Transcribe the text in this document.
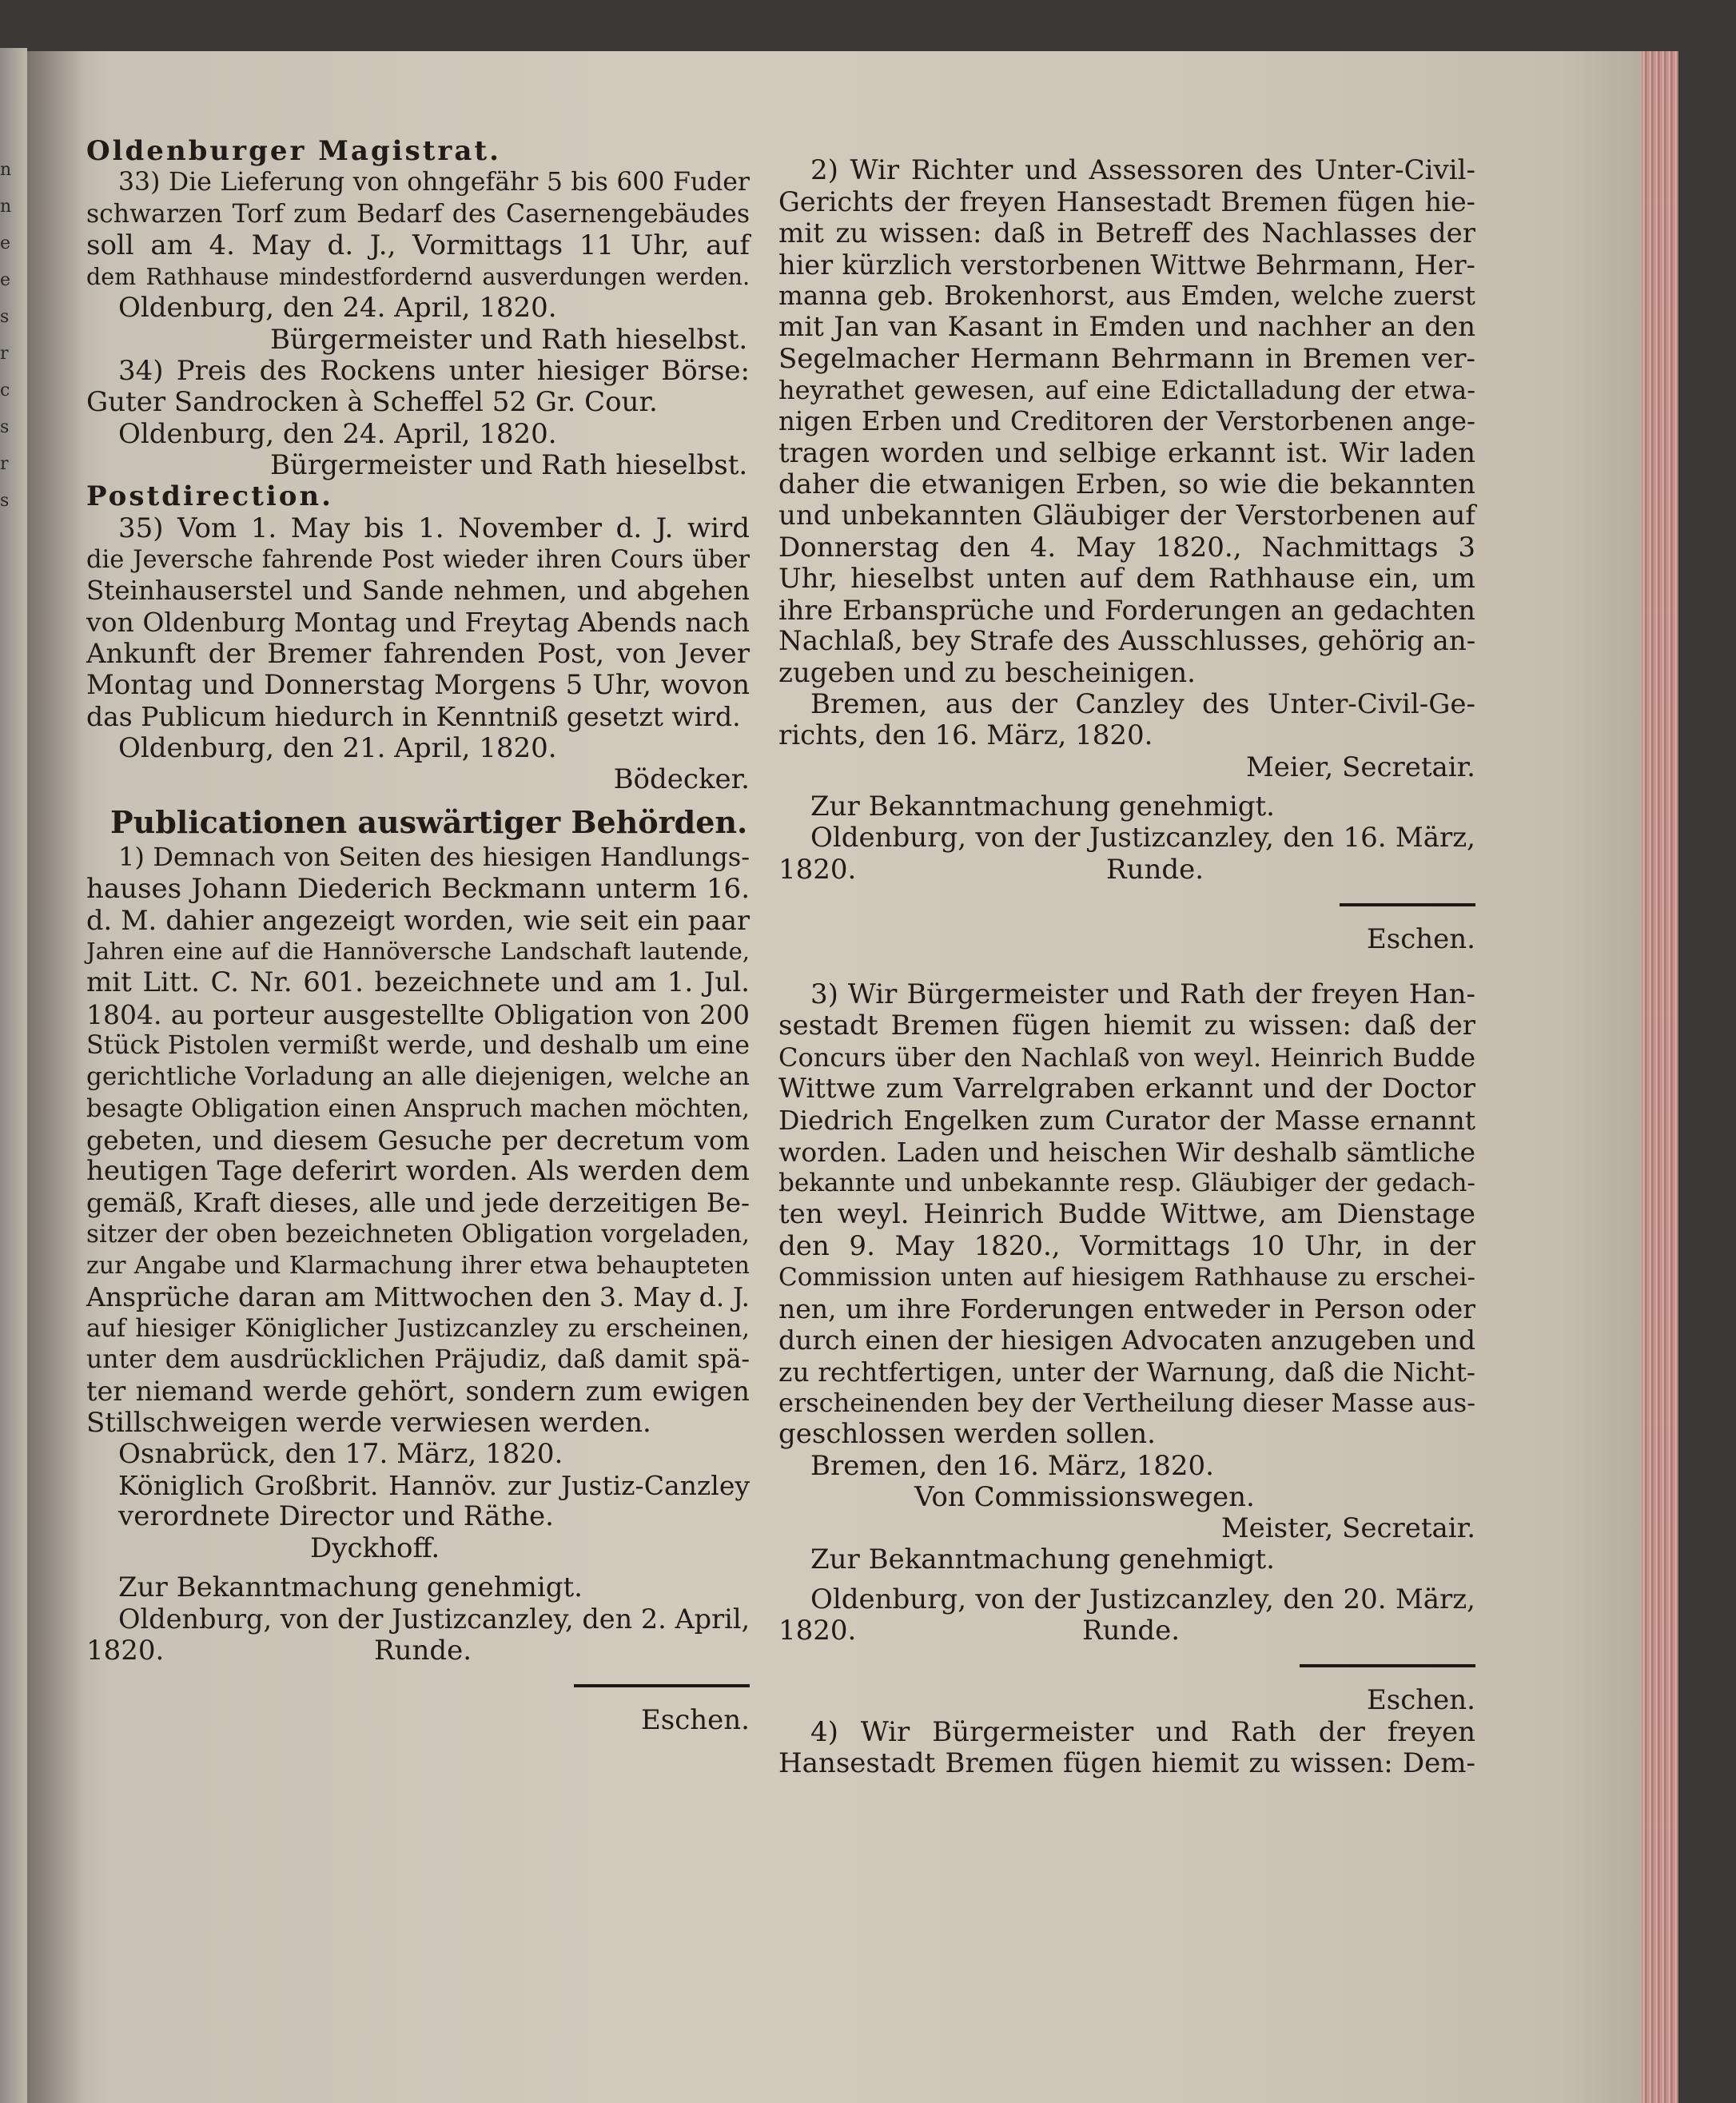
n
n
e
e
s
r
c
s
r
s
Oldenburger Magistrat.
33) Die Lieferung von ohngefähr 5 bis 600 Fuder
schwarzen Torf zum Bedarf des Casernengebäudes
soll am 4. May d. J., Vormittags 11 Uhr, auf
dem Rathhause mindestfordernd ausverdungen werden.
Oldenburg, den 24. April, 1820.
Bürgermeister und Rath hieselbst.
34) Preis des Rockens unter hiesiger Börse:
Guter Sandrocken à Scheffel 52 Gr. Cour.
Oldenburg, den 24. April, 1820.
Bürgermeister und Rath hieselbst.
Postdirection.
35) Vom 1. May bis 1. November d. J. wird
die Jeversche fahrende Post wieder ihren Cours über
Steinhauserstel und Sande nehmen, und abgehen
von Oldenburg Montag und Freytag Abends nach
Ankunft der Bremer fahrenden Post, von Jever
Montag und Donnerstag Morgens 5 Uhr, wovon
das Publicum hiedurch in Kenntniß gesetzt wird.
Oldenburg, den 21. April, 1820.
Bödecker.
Publicationen auswärtiger Behörden.
1) Demnach von Seiten des hiesigen Handlungs-
hauses Johann Diederich Beckmann unterm 16.
d. M. dahier angezeigt worden, wie seit ein paar
Jahren eine auf die Hannöversche Landschaft lautende,
mit Litt. C. Nr. 601. bezeichnete und am 1. Jul.
1804. au porteur ausgestellte Obligation von 200
Stück Pistolen vermißt werde, und deshalb um eine
gerichtliche Vorladung an alle diejenigen, welche an
besagte Obligation einen Anspruch machen möchten,
gebeten, und diesem Gesuche per decretum vom
heutigen Tage deferirt worden. Als werden dem
gemäß, Kraft dieses, alle und jede derzeitigen Be-
sitzer der oben bezeichneten Obligation vorgeladen,
zur Angabe und Klarmachung ihrer etwa behaupteten
Ansprüche daran am Mittwochen den 3. May d. J.
auf hiesiger Königlicher Justizcanzley zu erscheinen,
unter dem ausdrücklichen Präjudiz, daß damit spä-
ter niemand werde gehört, sondern zum ewigen
Stillschweigen werde verwiesen werden.
Osnabrück, den 17. März, 1820.
Königlich Großbrit. Hannöv. zur Justiz-Canzley
verordnete Director und Räthe.
Dyckhoff.
Zur Bekanntmachung genehmigt.
Oldenburg, von der Justizcanzley, den 2. April,
1820.	Runde.
Eschen.
2) Wir Richter und Assessoren des Unter-Civil-
Gerichts der freyen Hansestadt Bremen fügen hie-
mit zu wissen: daß in Betreff des Nachlasses der
hier kürzlich verstorbenen Wittwe Behrmann, Her-
manna geb. Brokenhorst, aus Emden, welche zuerst
mit Jan van Kasant in Emden und nachher an den
Segelmacher Hermann Behrmann in Bremen ver-
heyrathet gewesen, auf eine Edictalladung der etwa-
nigen Erben und Creditoren der Verstorbenen ange-
tragen worden und selbige erkannt ist. Wir laden
daher die etwanigen Erben, so wie die bekannten
und unbekannten Gläubiger der Verstorbenen auf
Donnerstag den 4. May 1820., Nachmittags 3
Uhr, hieselbst unten auf dem Rathhause ein, um
ihre Erbansprüche und Forderungen an gedachten
Nachlaß, bey Strafe des Ausschlusses, gehörig an-
zugeben und zu bescheinigen.
Bremen, aus der Canzley des Unter-Civil-Ge-
richts, den 16. März, 1820.
Meier, Secretair.
Zur Bekanntmachung genehmigt.
Oldenburg, von der Justizcanzley, den 16. März,
1820.	Runde.
Eschen.
3) Wir Bürgermeister und Rath der freyen Han-
sestadt Bremen fügen hiemit zu wissen: daß der
Concurs über den Nachlaß von weyl. Heinrich Budde
Wittwe zum Varrelgraben erkannt und der Doctor
Diedrich Engelken zum Curator der Masse ernannt
worden. Laden und heischen Wir deshalb sämtliche
bekannte und unbekannte resp. Gläubiger der gedach-
ten weyl. Heinrich Budde Wittwe, am Dienstage
den 9. May 1820., Vormittags 10 Uhr, in der
Commission unten auf hiesigem Rathhause zu erschei-
nen, um ihre Forderungen entweder in Person oder
durch einen der hiesigen Advocaten anzugeben und
zu rechtfertigen, unter der Warnung, daß die Nicht-
erscheinenden bey der Vertheilung dieser Masse aus-
geschlossen werden sollen.
Bremen, den 16. März, 1820.
Von Commissionswegen.
Meister, Secretair.
Zur Bekanntmachung genehmigt.
Oldenburg, von der Justizcanzley, den 20. März,
1820.	Runde.
Eschen.
4) Wir Bürgermeister und Rath der freyen
Hansestadt Bremen fügen hiemit zu wissen: Dem-
